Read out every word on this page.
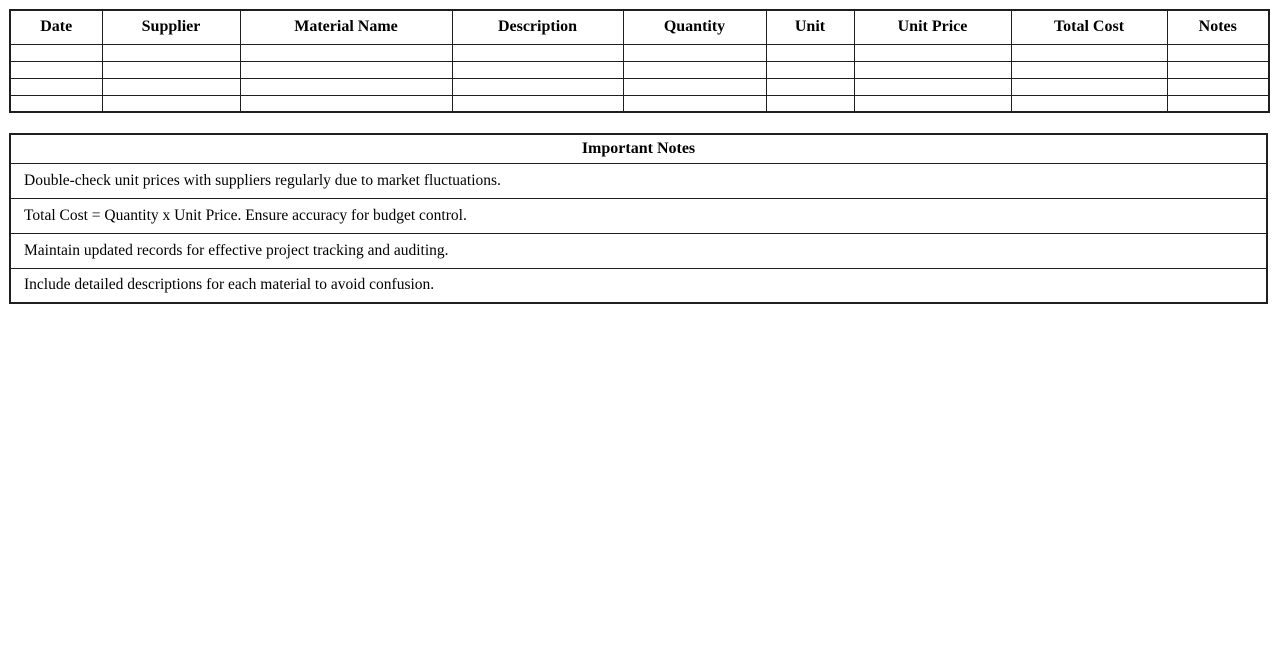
Date	Supplier	Material Name	Description	Quantity	Unit	Unit Price	Total Cost	Notes

Important Notes
Double-check unit prices with suppliers regularly due to market fluctuations.
Total Cost = Quantity x Unit Price. Ensure accuracy for budget control.
Maintain updated records for effective project tracking and auditing.
Include detailed descriptions for each material to avoid confusion.
